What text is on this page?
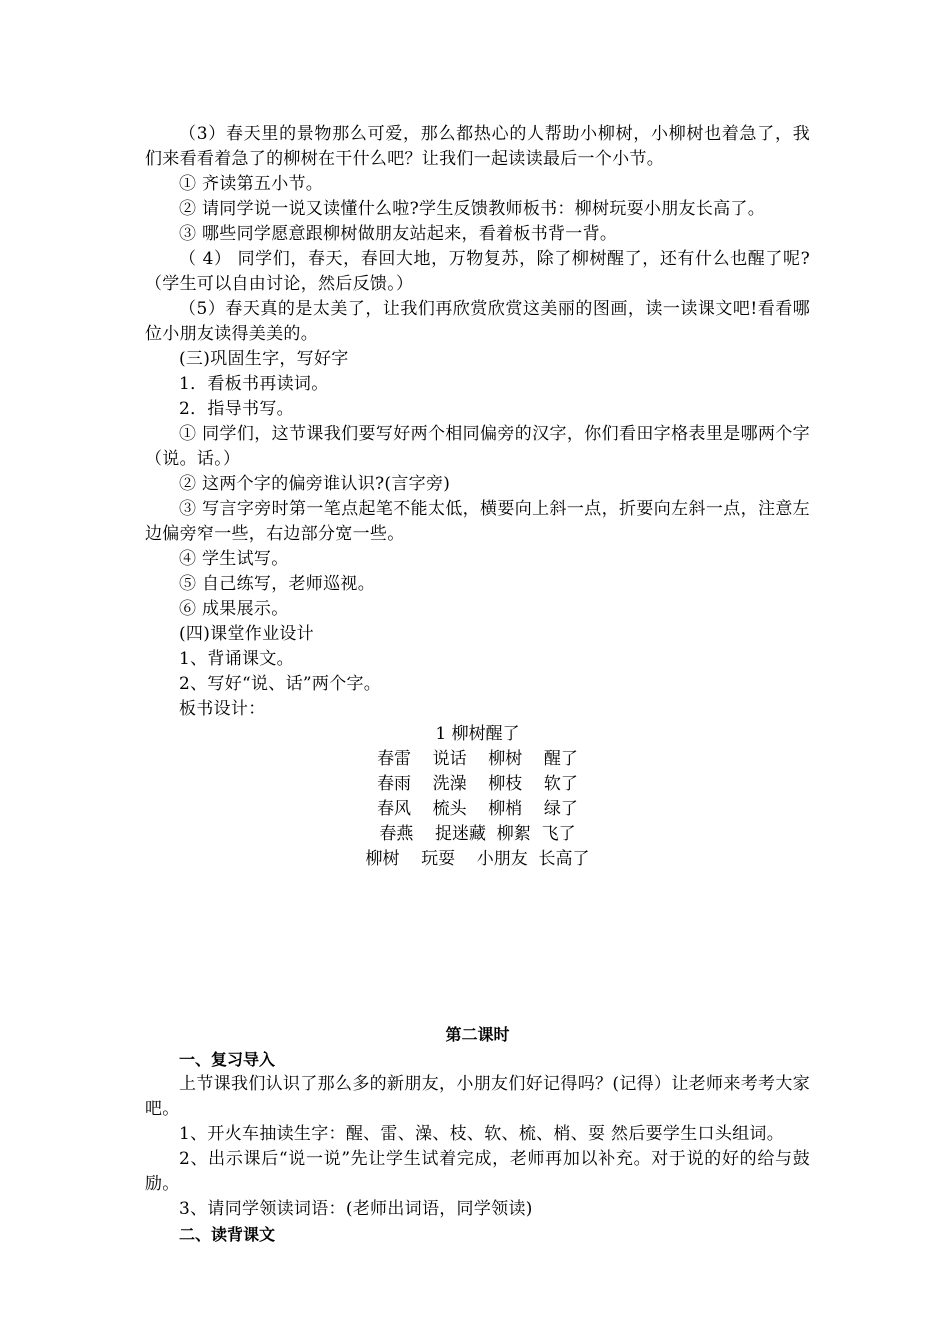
（3）春天里的景物那么可爱，那么都热心的人帮助小柳树，小柳树也着急了，我们来看看着急了的柳树在干什么吧？让我们一起读读最后一个小节。

① 齐读第五小节。

② 请同学说一说又读懂什么啦?学生反馈教师板书：柳树玩耍小朋友长高了。

③ 哪些同学愿意跟柳树做朋友站起来，看着板书背一背。

（ 4） 同学们，春天，春回大地，万物复苏，除了柳树醒了，还有什么也醒了呢?（学生可以自由讨论，然后反馈。）

（5）春天真的是太美了，让我们再欣赏欣赏这美丽的图画，读一读课文吧!看看哪位小朋友读得美美的。

(三)巩固生字，写好字

1．看板书再读词。

2．指导书写。

① 同学们，这节课我们要写好两个相同偏旁的汉字，你们看田字格表里是哪两个字（说。话。）

② 这两个字的偏旁谁认识?(言字旁)

③ 写言字旁时第一笔点起笔不能太低，横要向上斜一点，折要向左斜一点，注意左边偏旁窄一些，右边部分宽一些。

④ 学生试写。

⑤ 自己练写，老师巡视。

⑥ 成果展示。

(四)课堂作业设计

1、背诵课文。

2、写好“说、话”两个字。

板书设计：

1 柳树醒了
春雷    说话    柳树    醒了
春雨    洗澡    柳枝    软了
春风    梳头    柳梢    绿了
春燕    捉迷藏  柳絮  飞了
柳树    玩耍    小朋友  长高了

第二课时

一、复习导入

上节课我们认识了那么多的新朋友，小朋友们好记得吗？(记得）让老师来考考大家吧。

1、开火车抽读生字：醒、雷、澡、枝、软、梳、梢、耍 然后要学生口头组词。

2、出示课后“说一说”先让学生试着完成，老师再加以补充。对于说的好的给与鼓励。

3、请同学领读词语：(老师出词语，同学领读)

二、读背课文
